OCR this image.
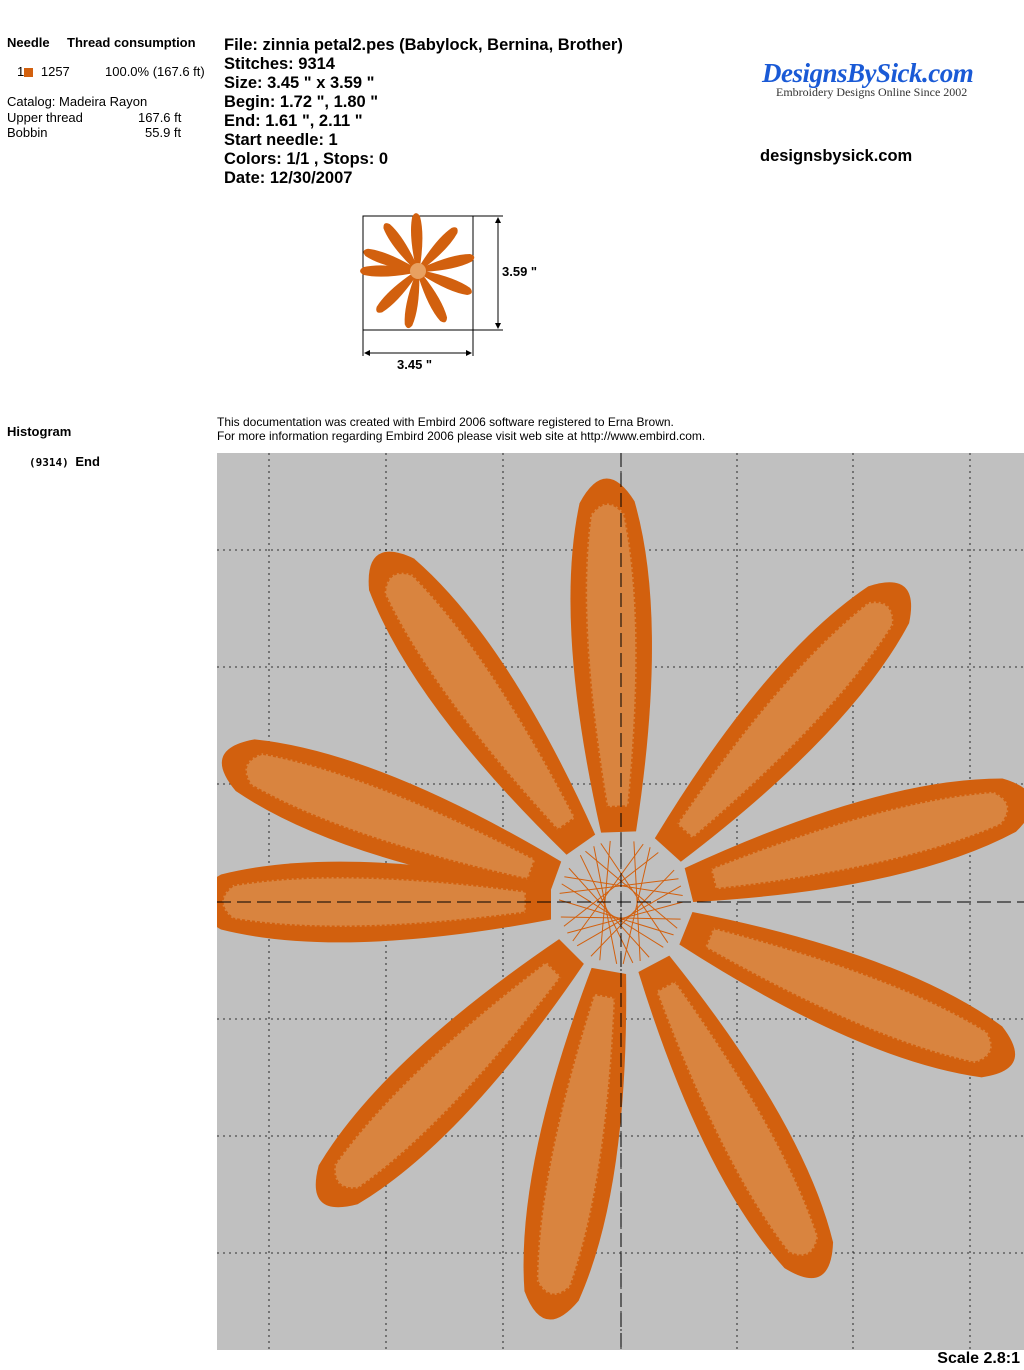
Needle Thread consumption
1 1257	100.0% (167.6 ft)
Catalog: Madeira Rayon
Upper thread	167.6 ft
Bobbin	55.9 ft
File: zinnia petal2.pes (Babylock, Bernina, Brother)
Stitches: 9314
Size: 3.45 " x 3.59 "
Begin: 1.72 ", 1.80 "
End: 1.61 ", 2.11 "
Start needle: 1
Colors: 1/1 , Stops: 0
Date: 12/30/2007
DesignsBySick.com
Embroidery Designs Online Since 2002
designsbysick.com
3.59 "
3.45 "
Histogram
(9314) End
This documentation was created with Embird 2006 software registered to Erna Brown.
For more information regarding Embird 2006 please visit web site at http://www.embird.com.
Scale 2.8:1
